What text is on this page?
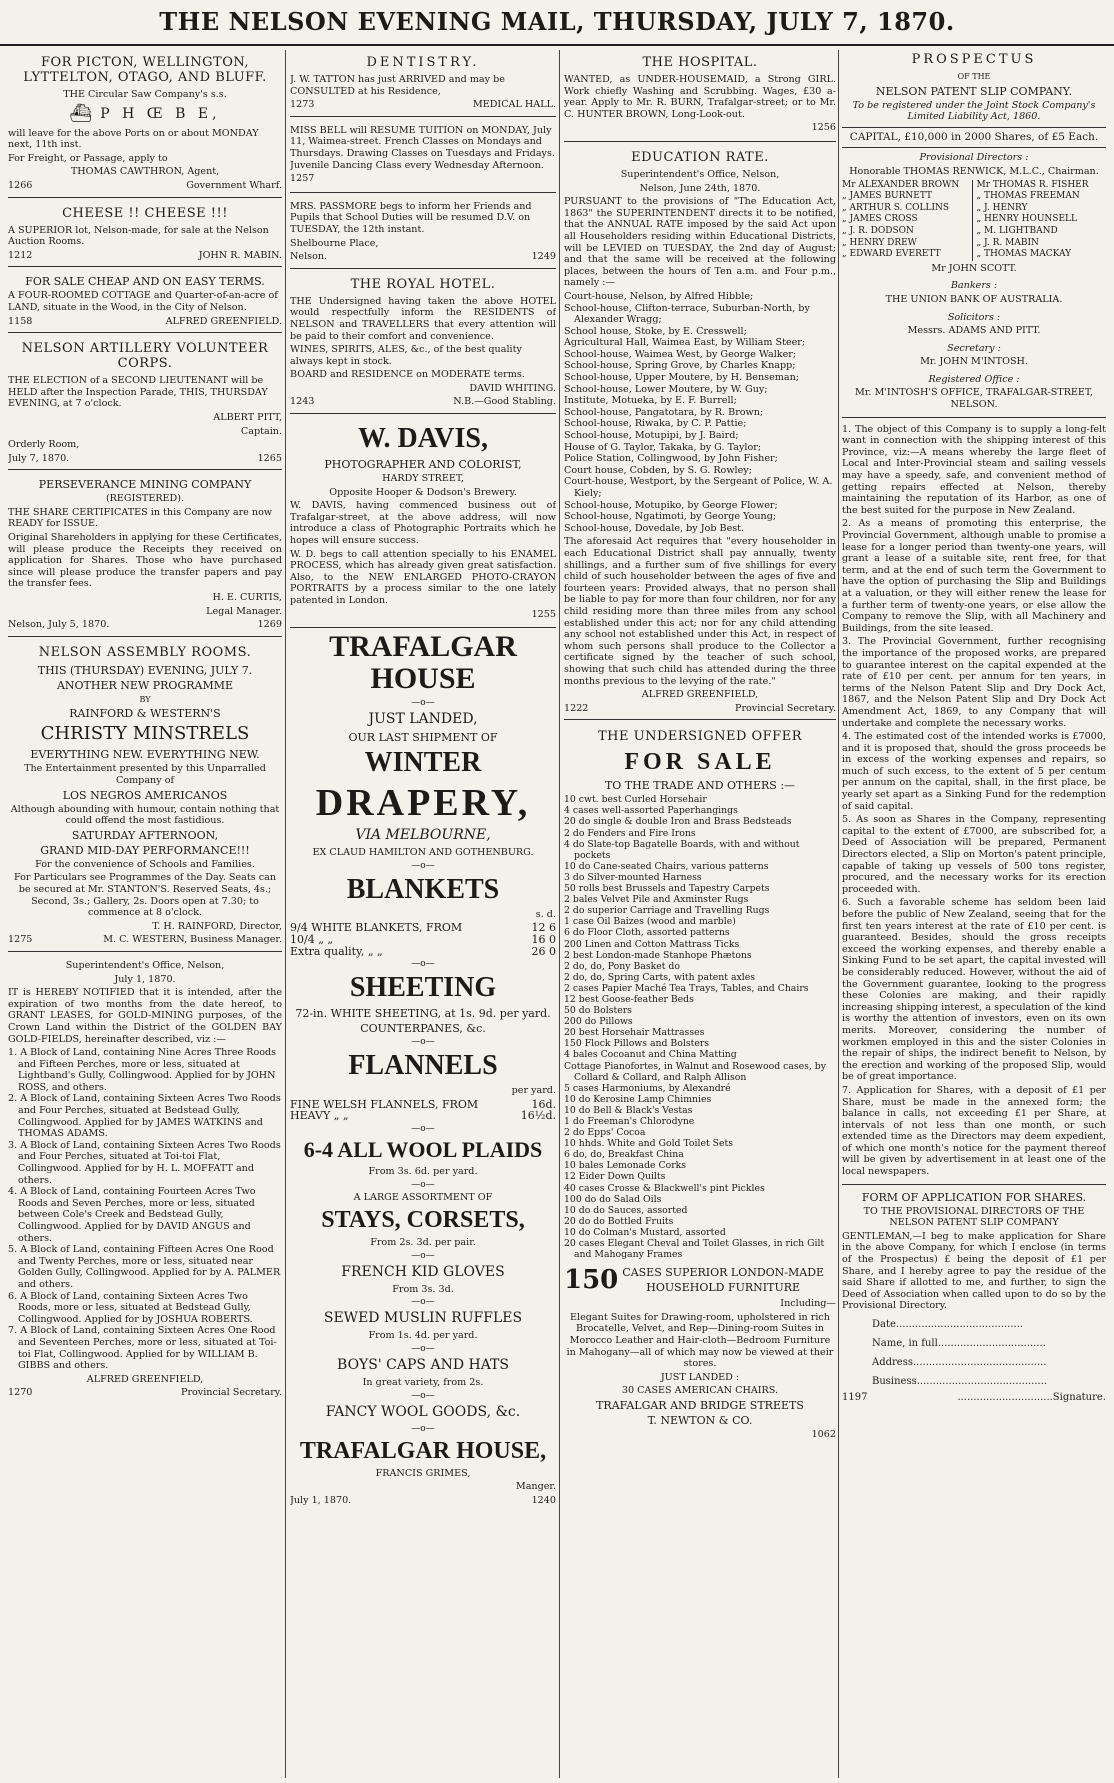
THE NELSON EVENING MAIL, THURSDAY, JULY 7, 1870.
FOR PICTON, WELLINGTON, LYTTELTON, OTAGO, AND BLUFF.

THE Circular Saw Company's s.s.

⛴ P H Œ B E,

will leave for the above Ports on or about MONDAY next, 11th inst.

For Freight, or Passage, apply to

THOMAS CAWTHRON, Agent,

1266	Government Wharf.
CHEESE !! CHEESE !!!

A SUPERIOR lot, Nelson-made, for sale at the Nelson Auction Rooms.

1212	JOHN R. MABIN.
FOR SALE CHEAP AND ON EASY TERMS.

A FOUR-ROOMED COTTAGE and Quarter-of-an-acre of LAND, situate in the Wood, in the City of Nelson.

1158	ALFRED GREENFIELD.
NELSON ARTILLERY VOLUNTEER CORPS.

THE ELECTION of a SECOND LIEUTENANT will be HELD after the Inspection Parade, THIS, THURSDAY EVENING, at 7 o'clock.

ALBERT PITT,

Captain.

Orderly Room,

July 7, 1870.	1265
PERSEVERANCE MINING COMPANY

(REGISTERED).

THE SHARE CERTIFICATES in this Company are now READY for ISSUE.

Original Shareholders in applying for these Certificates, will please produce the Receipts they received on application for Shares. Those who have purchased since will please produce the transfer papers and pay the transfer fees.

H. E. CURTIS,

Legal Manager.

Nelson, July 5, 1870.	1269
NELSON ASSEMBLY ROOMS.

THIS (THURSDAY) EVENING, JULY 7.

ANOTHER NEW PROGRAMME

BY

RAINFORD & WESTERN'S

CHRISTY MINSTRELS

EVERYTHING NEW. EVERYTHING NEW.

The Entertainment presented by this Unparralled Company of

LOS NEGROS AMERICANOS

Although abounding with humour, contain nothing that could offend the most fastidious.

SATURDAY AFTERNOON,

GRAND MID-DAY PERFORMANCE!!!

For the convenience of Schools and Families.

For Particulars see Programmes of the Day. Seats can be secured at Mr. STANTON'S. Reserved Seats, 4s.; Second, 3s.; Gallery, 2s. Doors open at 7.30; to commence at 8 o'clock.

T. H. RAINFORD, Director,

1275	M. C. WESTERN, Business Manager.

Superintendent's Office, Nelson,

July 1, 1870.

IT is HEREBY NOTIFIED that it is intended, after the expiration of two months from the date hereof, to GRANT LEASES, for GOLD-MINING purposes, of the Crown Land within the District of the GOLDEN BAY GOLD-FIELDS, hereinafter described, viz :—

1. A Block of Land, containing Nine Acres Three Roods and Fifteen Perches, more or less, situated at Lightband's Gully, Collingwood. Applied for by JOHN ROSS, and others.
2. A Block of Land, containing Sixteen Acres Two Roods and Four Perches, situated at Bedstead Gully, Collingwood. Applied for by JAMES WATKINS and THOMAS ADAMS.
3. A Block of Land, containing Sixteen Acres Two Roods and Four Perches, situated at Toi-toi Flat, Collingwood. Applied for by H. L. MOFFATT and others.
4. A Block of Land, containing Fourteen Acres Two Roods and Seven Perches, more or less, situated between Cole's Creek and Bedstead Gully, Collingwood. Applied for by DAVID ANGUS and others.
5. A Block of Land, containing Fifteen Acres One Rood and Twenty Perches, more or less, situated near Golden Gully, Collingwood. Applied for by A. PALMER and others.
6. A Block of Land, containing Sixteen Acres Two Roods, more or less, situated at Bedstead Gully, Collingwood. Applied for by JOSHUA ROBERTS.
7. A Block of Land, containing Sixteen Acres One Rood and Seventeen Perches, more or less, situated at Toi-toi Flat, Collingwood. Applied for by WILLIAM B. GIBBS and others.

ALFRED GREENFIELD,

1270	Provincial Secretary.
DENTISTRY.

J. W. TATTON has just ARRIVED and may be CONSULTED at his Residence,

1273	MEDICAL HALL.

MISS BELL will RESUME TUITION on MONDAY, July 11, Waimea-street. French Classes on Mondays and Thursdays. Drawing Classes on Tuesdays and Fridays. Juvenile Dancing Class every Wednesday Afternoon.

1257

MRS. PASSMORE begs to inform her Friends and Pupils that School Duties will be resumed D.V. on TUESDAY, the 12th instant.

Shelbourne Place,

Nelson.	1249
THE ROYAL HOTEL.

THE Undersigned having taken the above HOTEL would respectfully inform the RESIDENTS of NELSON and TRAVELLERS that every attention will be paid to their comfort and convenience.

WINES, SPIRITS, ALES, &c., of the best quality always kept in stock.

BOARD and RESIDENCE on MODERATE terms.

DAVID WHITING.

1243	N.B.—Good Stabling.
W. DAVIS,

PHOTOGRAPHER AND COLORIST,

HARDY STREET,

Opposite Hooper & Dodson's Brewery.

W. DAVIS, having commenced business out of Trafalgar-street, at the above address, will now introduce a class of Photographic Portraits which he hopes will ensure success.

W. D. begs to call attention specially to his ENAMEL PROCESS, which has already given great satisfaction. Also, to the NEW ENLARGED PHOTO-CRAYON PORTRAITS by a process similar to the one lately patented in London.

1255

TRAFALGAR HOUSE

—o—

JUST LANDED,

OUR LAST SHIPMENT OF

WINTER
DRAPERY,

VIA MELBOURNE,

EX CLAUD HAMILTON AND GOTHENBURG.

—o—

BLANKETS

s. d.

9/4 WHITE BLANKETS, FROM	12 6
10/4 „ „	16 0
Extra quality, „ „	26 0

—o—

SHEETING

72-in. WHITE SHEETING, at 1s. 9d. per yard.

COUNTERPANES, &c.

—o—

FLANNELS

per yard.

FINE WELSH FLANNELS, FROM	16d.
HEAVY „ „	16½d.

—o—

6-4 ALL WOOL PLAIDS

From 3s. 6d. per yard.

—o—

A LARGE ASSORTMENT OF

STAYS, CORSETS,

From 2s. 3d. per pair.

—o—

FRENCH KID GLOVES

From 3s. 3d.

—o—

SEWED MUSLIN RUFFLES

From 1s. 4d. per yard.

—o—

BOYS' CAPS AND HATS

In great variety, from 2s.

—o—

FANCY WOOL GOODS, &c.

—o—

TRAFALGAR HOUSE,

FRANCIS GRIMES,

Manger.

July 1, 1870.	1240
THE HOSPITAL.

WANTED, as UNDER-HOUSEMAID, a Strong GIRL. Work chiefly Washing and Scrubbing. Wages, £30 a-year. Apply to Mr. R. BURN, Trafalgar-street; or to Mr. C. HUNTER BROWN, Long-Look-out.

1256

EDUCATION RATE.

Superintendent's Office, Nelson,

Nelson, June 24th, 1870.

PURSUANT to the provisions of "The Education Act, 1863" the SUPERINTENDENT directs it to be notified, that the ANNUAL RATE imposed by the said Act upon all Householders residing within Educational Districts, will be LEVIED on TUESDAY, the 2nd day of August; and that the same will be received at the following places, between the hours of Ten a.m. and Four p.m., namely :—

Court-house, Nelson, by Alfred Hibble;
School-house, Clifton-terrace, Suburban-North, by Alexander Wragg;
School house, Stoke, by E. Cresswell;
Agricultural Hall, Waimea East, by William Steer;
School-house, Waimea West, by George Walker;
School-house, Spring Grove, by Charles Knapp;
School-house, Upper Moutere, by H. Benseman;
School-house, Lower Moutere, by W. Guy;
Institute, Motueka, by E. F. Burrell;
School-house, Pangatotara, by R. Brown;
School-house, Riwaka, by C. P. Pattie;
School-house, Motupipi, by J. Baird;
House of G. Taylor, Takaka, by G. Taylor;
Police Station, Collingwood, by John Fisher;
Court house, Cobden, by S. G. Rowley;
Court-house, Westport, by the Sergeant of Police, W. A. Kiely;
School-house, Motupiko, by George Flower;
School-house, Ngatimoti, by George Young;
School-house, Dovedale, by Job Best.

The aforesaid Act requires that "every householder in each Educational District shall pay annually, twenty shillings, and a further sum of five shillings for every child of such householder between the ages of five and fourteen years: Provided always, that no person shall be liable to pay for more than four children, nor for any child residing more than three miles from any school established under this act; nor for any child attending any school not established under this Act, in respect of whom such persons shall produce to the Collector a certificate signed by the teacher of such school, showing that such child has attended during the three months previous to the levying of the rate."

ALFRED GREENFIELD,

1222	Provincial Secretary.
THE UNDERSIGNED OFFER
FOR SALE

TO THE TRADE AND OTHERS :—

10 cwt. best Curled Horsehair
4 cases well-assorted Paperhangings
20 do single & double Iron and Brass Bedsteads
2 do Fenders and Fire Irons
4 do Slate-top Bagatelle Boards, with and without pockets
10 do Cane-seated Chairs, various patterns
3 do Silver-mounted Harness
50 rolls best Brussels and Tapestry Carpets
2 bales Velvet Pile and Axminster Rugs
2 do superior Carriage and Travelling Rugs
1 case Oil Baizes (wood and marble)
6 do Floor Cloth, assorted patterns
200 Linen and Cotton Mattrass Ticks
2 best London-made Stanhope Phætons
2 do, do, Pony Basket do
2 do, do, Spring Carts, with patent axles
2 cases Papier Maché Tea Trays, Tables, and Chairs
12 best Goose-feather Beds
50 do Bolsters
200 do Pillows
20 best Horsehair Mattrasses
150 Flock Pillows and Bolsters
4 bales Cocoanut and China Matting
Cottage Pianofortes, in Walnut and Rosewood cases, by Collard & Collard, and Ralph Allison
5 cases Harmoniums, by Alexandré
10 do Kerosine Lamp Chimnies
10 do Bell & Black's Vestas
1 do Freeman's Chlorodyne
2 do Epps' Cocoa
10 hhds. White and Gold Toilet Sets
6 do, do, Breakfast China
10 bales Lemonade Corks
12 Eider Down Quilts
40 cases Crosse & Blackwell's pint Pickles
100 do do Salad Oils
10 do do Sauces, assorted
20 do do Bottled Fruits
10 do Colman's Mustard, assorted
20 cases Elegant Cheval and Toilet Glasses, in rich Gilt and Mahogany Frames
150 CASES SUPERIOR LONDON-MADE

HOUSEHOLD FURNITURE

Including—

Elegant Suites for Drawing-room, upholstered in rich Brocatelle, Velvet, and Rep—Dining-room Suites in Morocco Leather and Hair-cloth—Bedroom Furniture in Mahogany—all of which may now be viewed at their stores.

JUST LANDED :

30 CASES AMERICAN CHAIRS.

TRAFALGAR AND BRIDGE STREETS

T. NEWTON & CO.

1062

PROSPECTUS

OF THE

NELSON PATENT SLIP COMPANY.

To be registered under the Joint Stock Company's Limited Liability Act, 1860.

CAPITAL, £10,000 in 2000 Shares, of £5 Each.

Provisional Directors :

Honorable THOMAS RENWICK, M.L.C., Chairman.

Mr ALEXANDER BROWN
„ JAMES BURNETT
„ ARTHUR S. COLLINS
„ JAMES CROSS
„ J. R. DODSON
„ HENRY DREW
„ EDWARD EVERETT
Mr THOMAS R. FISHER
„ THOMAS FREEMAN
„ J. HENRY
„ HENRY HOUNSELL
„ M. LIGHTBAND
„ J. R. MABIN
„ THOMAS MACKAY

Mr JOHN SCOTT.

Bankers :

THE UNION BANK OF AUSTRALIA.

Solicitors :

Messrs. ADAMS AND PITT.

Secretary :

Mr. JOHN M'INTOSH.

Registered Office :

Mr. M'INTOSH'S OFFICE, TRAFALGAR-STREET, NELSON.

1. The object of this Company is to supply a long-felt want in connection with the shipping interest of this Province, viz:—A means whereby the large fleet of Local and Inter-Provincial steam and sailing vessels may have a speedy, safe, and convenient method of getting repairs effected at Nelson, thereby maintaining the reputation of its Harbor, as one of the best suited for the purpose in New Zealand.

2. As a means of promoting this enterprise, the Provincial Government, although unable to promise a lease for a longer period than twenty-one years, will grant a lease of a suitable site, rent free, for that term, and at the end of such term the Government to have the option of purchasing the Slip and Buildings at a valuation, or they will either renew the lease for a further term of twenty-one years, or else allow the Company to remove the Slip, with all Machinery and Buildings, from the site leased.

3. The Provincial Government, further recognising the importance of the proposed works, are prepared to guarantee interest on the capital expended at the rate of £10 per cent. per annum for ten years, in terms of the Nelson Patent Slip and Dry Dock Act, 1867, and the Nelson Patent Slip and Dry Dock Act Amendment Act, 1869, to any Company that will undertake and complete the necessary works.

4. The estimated cost of the intended works is £7000, and it is proposed that, should the gross proceeds be in excess of the working expenses and repairs, so much of such excess, to the extent of 5 per centum per annum on the capital, shall, in the first place, be yearly set apart as a Sinking Fund for the redemption of said capital.

5. As soon as Shares in the Company, representing capital to the extent of £7000, are subscribed for, a Deed of Association will be prepared, Permanent Directors elected, a Slip on Morton's patent principle, capable of taking up vessels of 500 tons register, procured, and the necessary works for its erection proceeded with.

6. Such a favorable scheme has seldom been laid before the public of New Zealand, seeing that for the first ten years interest at the rate of £10 per cent. is guaranteed. Besides, should the gross receipts exceed the working expenses, and thereby enable a Sinking Fund to be set apart, the capital invested will be considerably reduced. However, without the aid of the Government guarantee, looking to the progress these Colonies are making, and their rapidly increasing shipping interest, a speculation of the kind is worthy the attention of investors, even on its own merits. Moreover, considering the number of workmen employed in this and the sister Colonies in the repair of ships, the indirect benefit to Nelson, by the erection and working of the proposed Slip, would be of great importance.

7. Application for Shares, with a deposit of £1 per Share, must be made in the annexed form; the balance in calls, not exceeding £1 per Share, at intervals of not less than one month, or such extended time as the Directors may deem expedient, of which one month's notice for the payment thereof will be given by advertisement in at least one of the local newspapers.

FORM OF APPLICATION FOR SHARES.

TO THE PROVISIONAL DIRECTORS OF THE NELSON PATENT SLIP COMPANY

GENTLEMAN,—I beg to make application for Share in the above Company, for which I enclose (in terms of the Prospectus) £ being the deposit of £1 per Share, and I hereby agree to pay the residue of the said Share if allotted to me, and further, to sign the Deed of Association when called upon to do so by the Provisional Directory.

Date........................................

Name, in full..................................

Address..........................................

Business.........................................

1197	..............................Signature.
